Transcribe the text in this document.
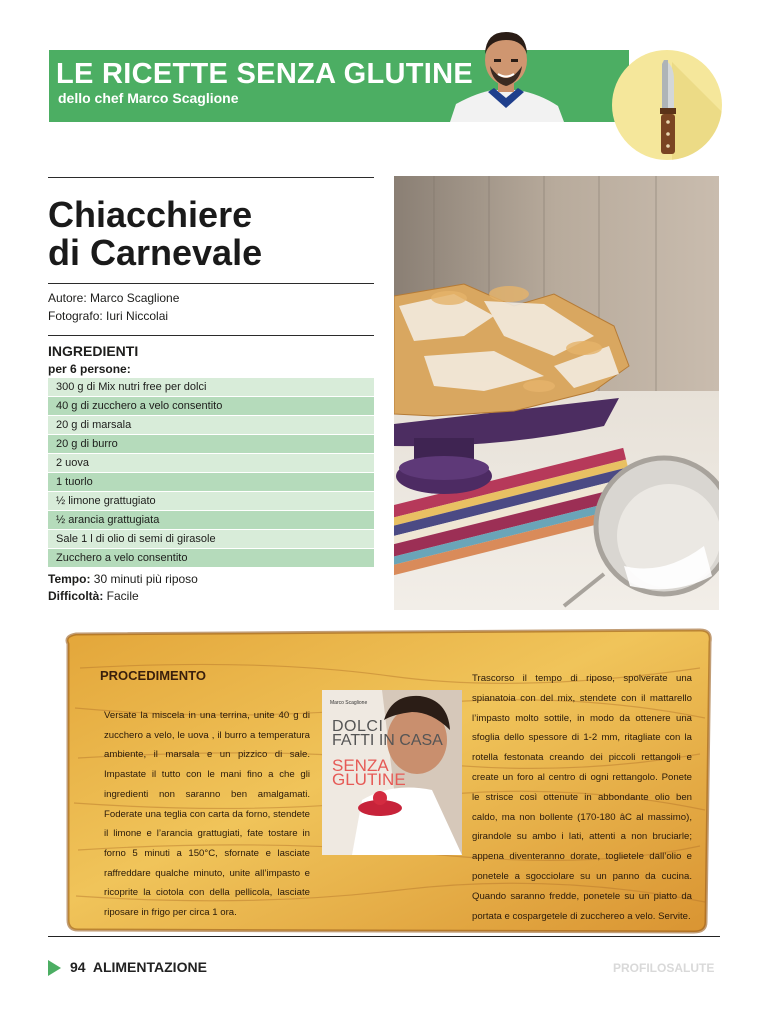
LE RICETTE SENZA GLUTINE
dello chef Marco Scaglione
Chiacchiere
di Carnevale
Autore: Marco Scaglione
Fotografo: Iuri Niccolai
INGREDIENTI
per 6 persone:
300 g di Mix nutri free per dolci
40 g di zucchero a velo consentito
20 g di marsala
20 g di burro
2 uova
1 tuorlo
½ limone grattugiato
½ arancia grattugiata
Sale 1 l di olio di semi di girasole
Zucchero a velo consentito
Tempo: 30 minuti più riposo
Difficoltà: Facile
PROCEDIMENTO
Versate la miscela in una terrina, unite 40 g di zucchero a velo, le uova , il burro a temperatura ambiente, il marsala e un pizzico di sale. Impastate il tutto con le mani fino a che gli ingredienti non saranno ben amalgamati. Foderate una teglia con carta da forno, stendete il limone e l’arancia grattugiati, fate tostare in forno 5 minuti a 150°C, sfornate e lasciate raffreddare qualche minuto, unite all’impasto e ricoprite la ciotola con della pellicola, lasciate riposare in frigo per circa 1 ora.
Trascorso il tempo di riposo, spolverate una spianatoia con del mix, stendete con il mattarello l’impasto molto sottile, in modo da ottenere una sfoglia dello spessore di 1-2 mm, ritagliate con la rotella festonata creando dei piccoli rettangoli e create un foro al centro di ogni rettangolo. Ponete le strisce così ottenute in abbondante olio ben caldo, ma non bollente (170-180 âC al massimo), girandole su ambo i lati, attenti a non bruciarle; appena diventeranno dorate, toglietele dall’olio e ponetele a sgocciolare su un panno da cucina. Quando saranno fredde, ponetele su un piatto da portata e cospargetele di zucchereo a velo. Servite.
Marco Scaglione
DOLCI
FATTI IN CASA
SENZA
GLUTINE
94 ALIMENTAZIONE	PROFILOSALUTE
